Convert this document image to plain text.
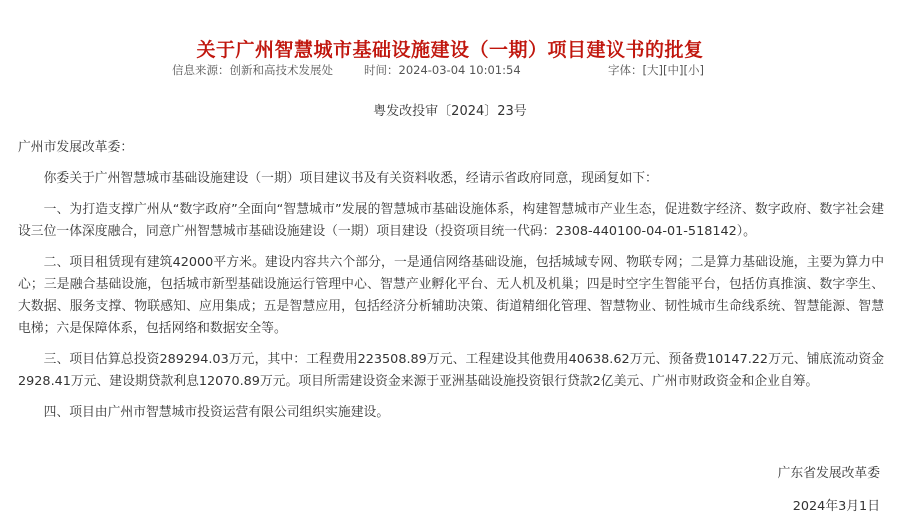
关于广州智慧城市基础设施建设（一期）项目建议书的批复
信息来源：创新和高技术发展处	时间：2024-03-04 10:01:54	字体：[大][中][小]
粤发改投审〔2024〕23号

广州市发展改革委：

你委关于广州智慧城市基础设施建设（一期）项目建议书及有关资料收悉，经请示省政府同意，现函复如下：

一、为打造支撑广州从“数字政府”全面向“智慧城市”发展的智慧城市基础设施体系，构建智慧城市产业生态，促进数字经济、数字政府、数字社会建设三位一体深度融合，同意广州智慧城市基础设施建设（一期）项目建设（投资项目统一代码：2308-440100-04-01-518142）。

二、项目租赁现有建筑42000平方米。建设内容共六个部分，一是通信网络基础设施，包括城域专网、物联专网；二是算力基础设施，主要为算力中心；三是融合基础设施，包括城市新型基础设施运行管理中心、智慧产业孵化平台、无人机及机巢；四是时空字生智能平台，包括仿真推演、数字孪生、大数据、服务支撑、物联感知、应用集成；五是智慧应用，包括经济分析辅助决策、街道精细化管理、智慧物业、韧性城市生命线系统、智慧能源、智慧电梯；六是保障体系，包括网络和数据安全等。

三、项目估算总投资289294.03万元，其中：工程费用223508.89万元、工程建设其他费用40638.62万元、预备费10147.22万元、铺底流动资金2928.41万元、建设期贷款利息12070.89万元。项目所需建设资金来源于亚洲基础设施投资银行贷款2亿美元、广州市财政资金和企业自筹。

四、项目由广州市智慧城市投资运营有限公司组织实施建设。

广东省发展改革委
2024年3月1日
